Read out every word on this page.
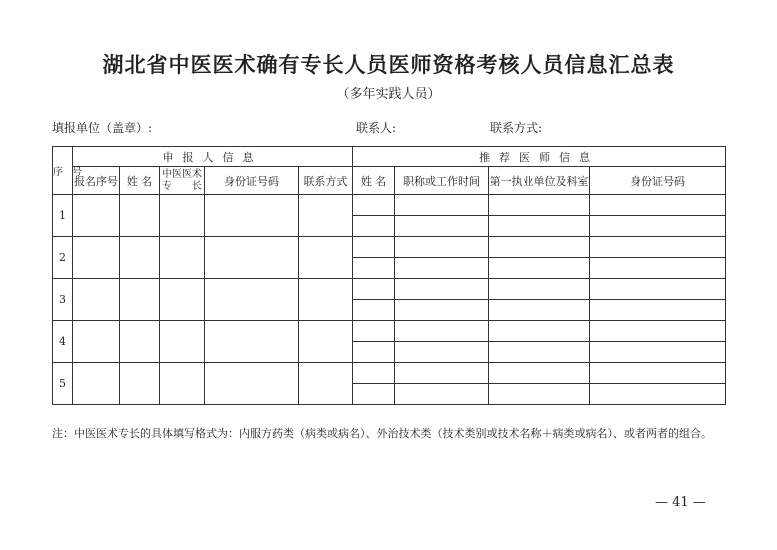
湖北省中医医术确有专长人员医师资格考核人员信息汇总表
（多年实践人员）
填报单位（盖章）:	联系人:	联系方式:
序号	申报人信息					推荐医师信息			
	报名序号	姓 名	中医医术
专　　长	身份证号码	联系方式	姓 名	职称或工作时间	第一执业单位及科室	身份证号码
1									

2									

3									

4									

5									

注：中医医术专长的具体填写格式为：内服方药类（病类或病名）、外治技术类（技术类别或技术名称＋病类或病名）、或者两者的组合。
— 41 —
